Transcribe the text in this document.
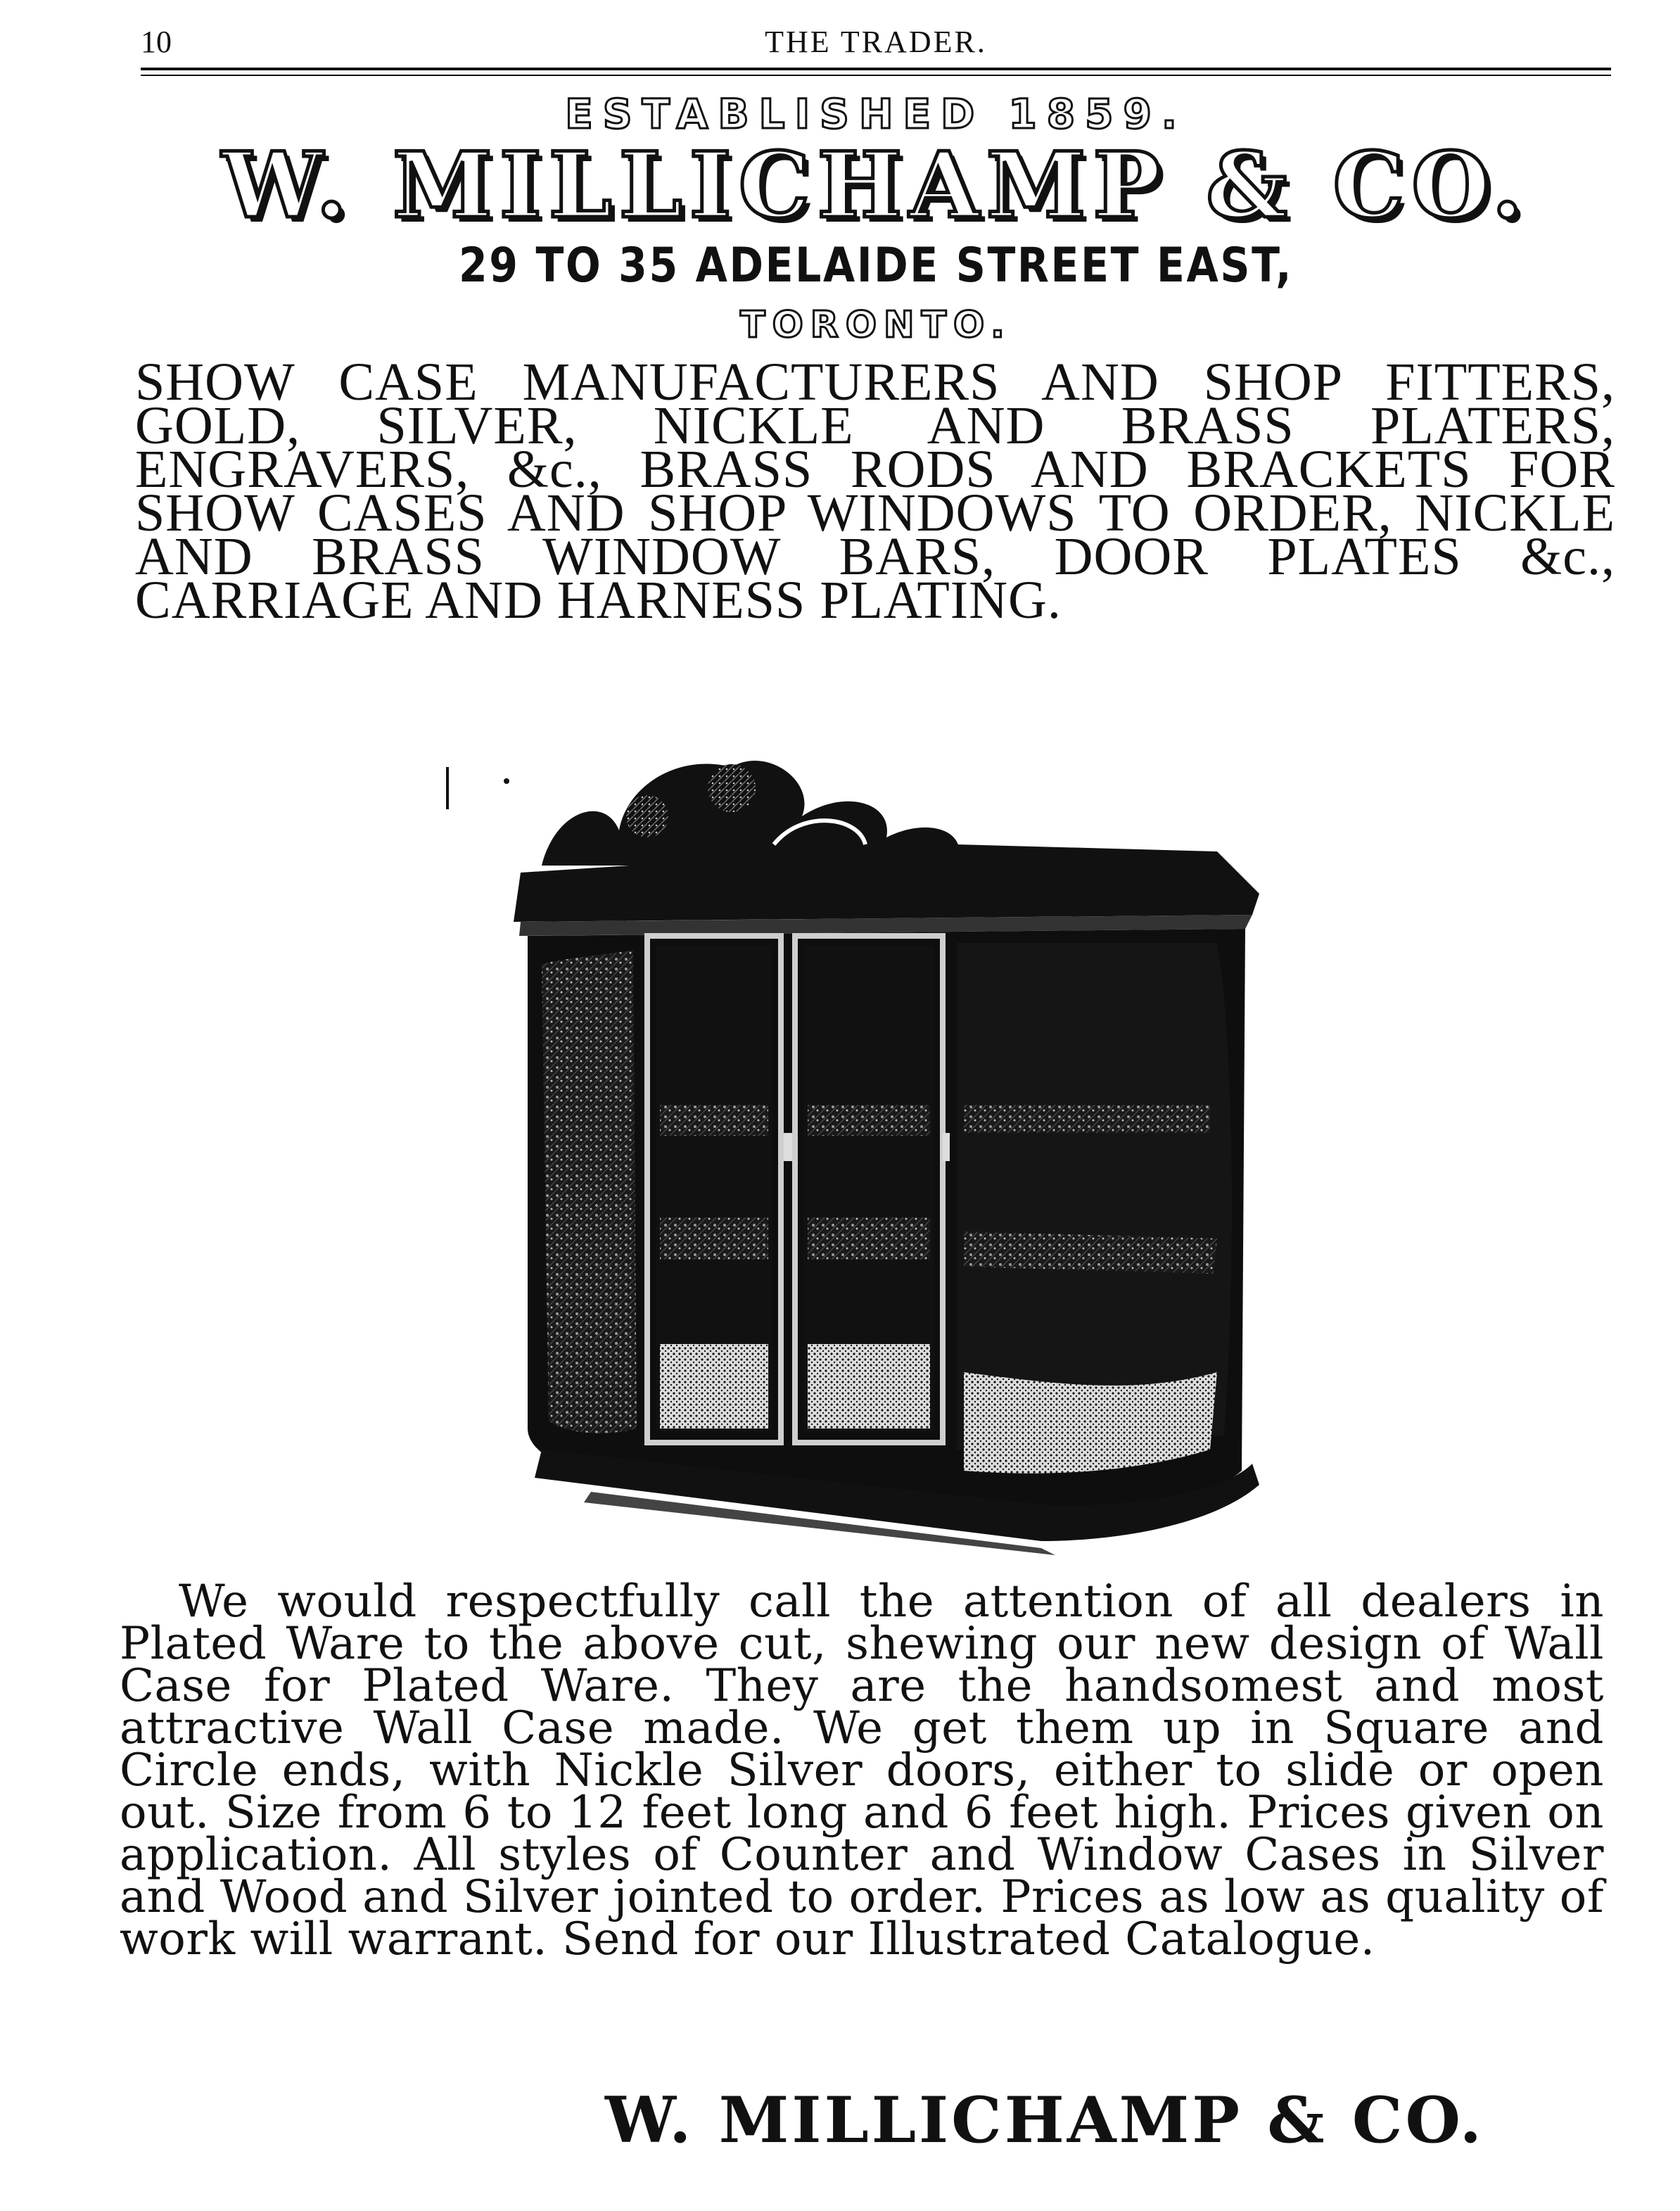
10	THE TRADER.
ESTABLISHED 1859.
W. MILLICHAMP & CO.
29 TO 35 ADELAIDE STREET EAST,
TORONTO.
SHOW CASE MANUFACTURERS AND SHOP FITTERS, GOLD, SILVER, NICKLE AND BRASS PLATERS, ENGRAVERS, &c., BRASS RODS AND BRACKETS FOR SHOW CASES AND SHOP WINDOWS TO ORDER, NICKLE AND BRASS WINDOW BARS, DOOR PLATES &c., CARRIAGE AND HARNESS PLATING.
We would respectfully call the attention of all dealers in Plated Ware to the above cut, shewing our new design of Wall Case for Plated Ware. They are the handsomest and most attractive Wall Case made. We get them up in Square and Circle ends, with Nickle Silver doors, either to slide or open out. Size from 6 to 12 feet long and 6 feet high. Prices given on application. All styles of Counter and Window Cases in Silver and Wood and Silver jointed to order. Prices as low as quality of work will warrant. Send for our Illustrated Catalogue.
W. MILLICHAMP & CO.
